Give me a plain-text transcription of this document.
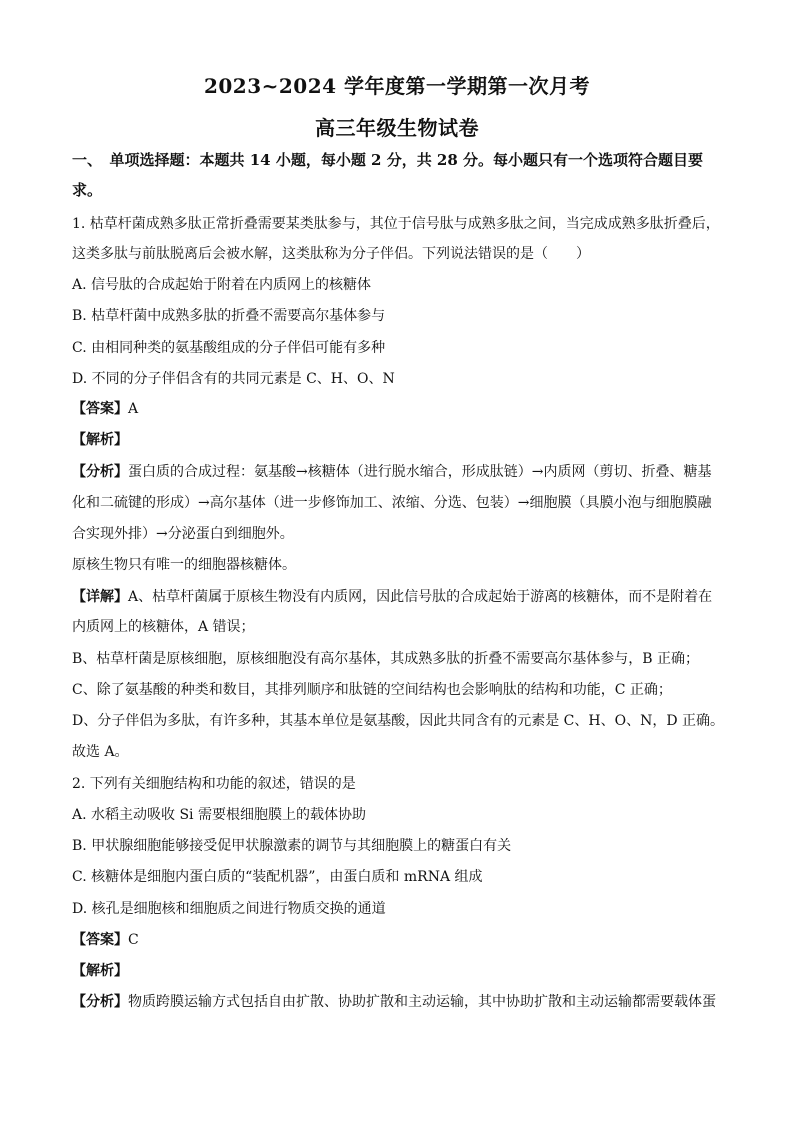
2023~2024 学年度第一学期第一次月考
高三年级生物试卷
一、　单项选择题：本题共 14 小题，每小题 2 分，共 28 分。每小题只有一个选项符合题目要
求。
1. 枯草杆菌成熟多肽正常折叠需要某类肽参与，其位于信号肽与成熟多肽之间，当完成成熟多肽折叠后，
这类多肽与前肽脱离后会被水解，这类肽称为分子伴侣。下列说法错误的是（　　）
A. 信号肽的合成起始于附着在内质网上的核糖体
B. 枯草杆菌中成熟多肽的折叠不需要高尔基体参与
C. 由相同种类的氨基酸组成的分子伴侣可能有多种
D. 不同的分子伴侣含有的共同元素是 C、H、O、N
【答案】A
【解析】
【分析】蛋白质的合成过程：氨基酸→核糖体（进行脱水缩合，形成肽链）→内质网（剪切、折叠、糖基
化和二硫键的形成）→高尔基体（进一步修饰加工、浓缩、分选、包装）→细胞膜（具膜小泡与细胞膜融
合实现外排）→分泌蛋白到细胞外。
原核生物只有唯一的细胞器核糖体。
【详解】A、枯草杆菌属于原核生物没有内质网，因此信号肽的合成起始于游离的核糖体，而不是附着在
内质网上的核糖体，A 错误；
B、枯草杆菌是原核细胞，原核细胞没有高尔基体，其成熟多肽的折叠不需要高尔基体参与，B 正确；
C、除了氨基酸的种类和数目，其排列顺序和肽链的空间结构也会影响肽的结构和功能，C 正确；
D、分子伴侣为多肽，有许多种，其基本单位是氨基酸，因此共同含有的元素是 C、H、O、N，D 正确。
故选 A。
2. 下列有关细胞结构和功能的叙述，错误的是
A. 水稻主动吸收 Si 需要根细胞膜上的载体协助
B. 甲状腺细胞能够接受促甲状腺激素的调节与其细胞膜上的糖蛋白有关
C. 核糖体是细胞内蛋白质的“装配机器”，由蛋白质和 mRNA 组成
D. 核孔是细胞核和细胞质之间进行物质交换的通道
【答案】C
【解析】
【分析】物质跨膜运输方式包括自由扩散、协助扩散和主动运输，其中协助扩散和主动运输都需要载体蛋
